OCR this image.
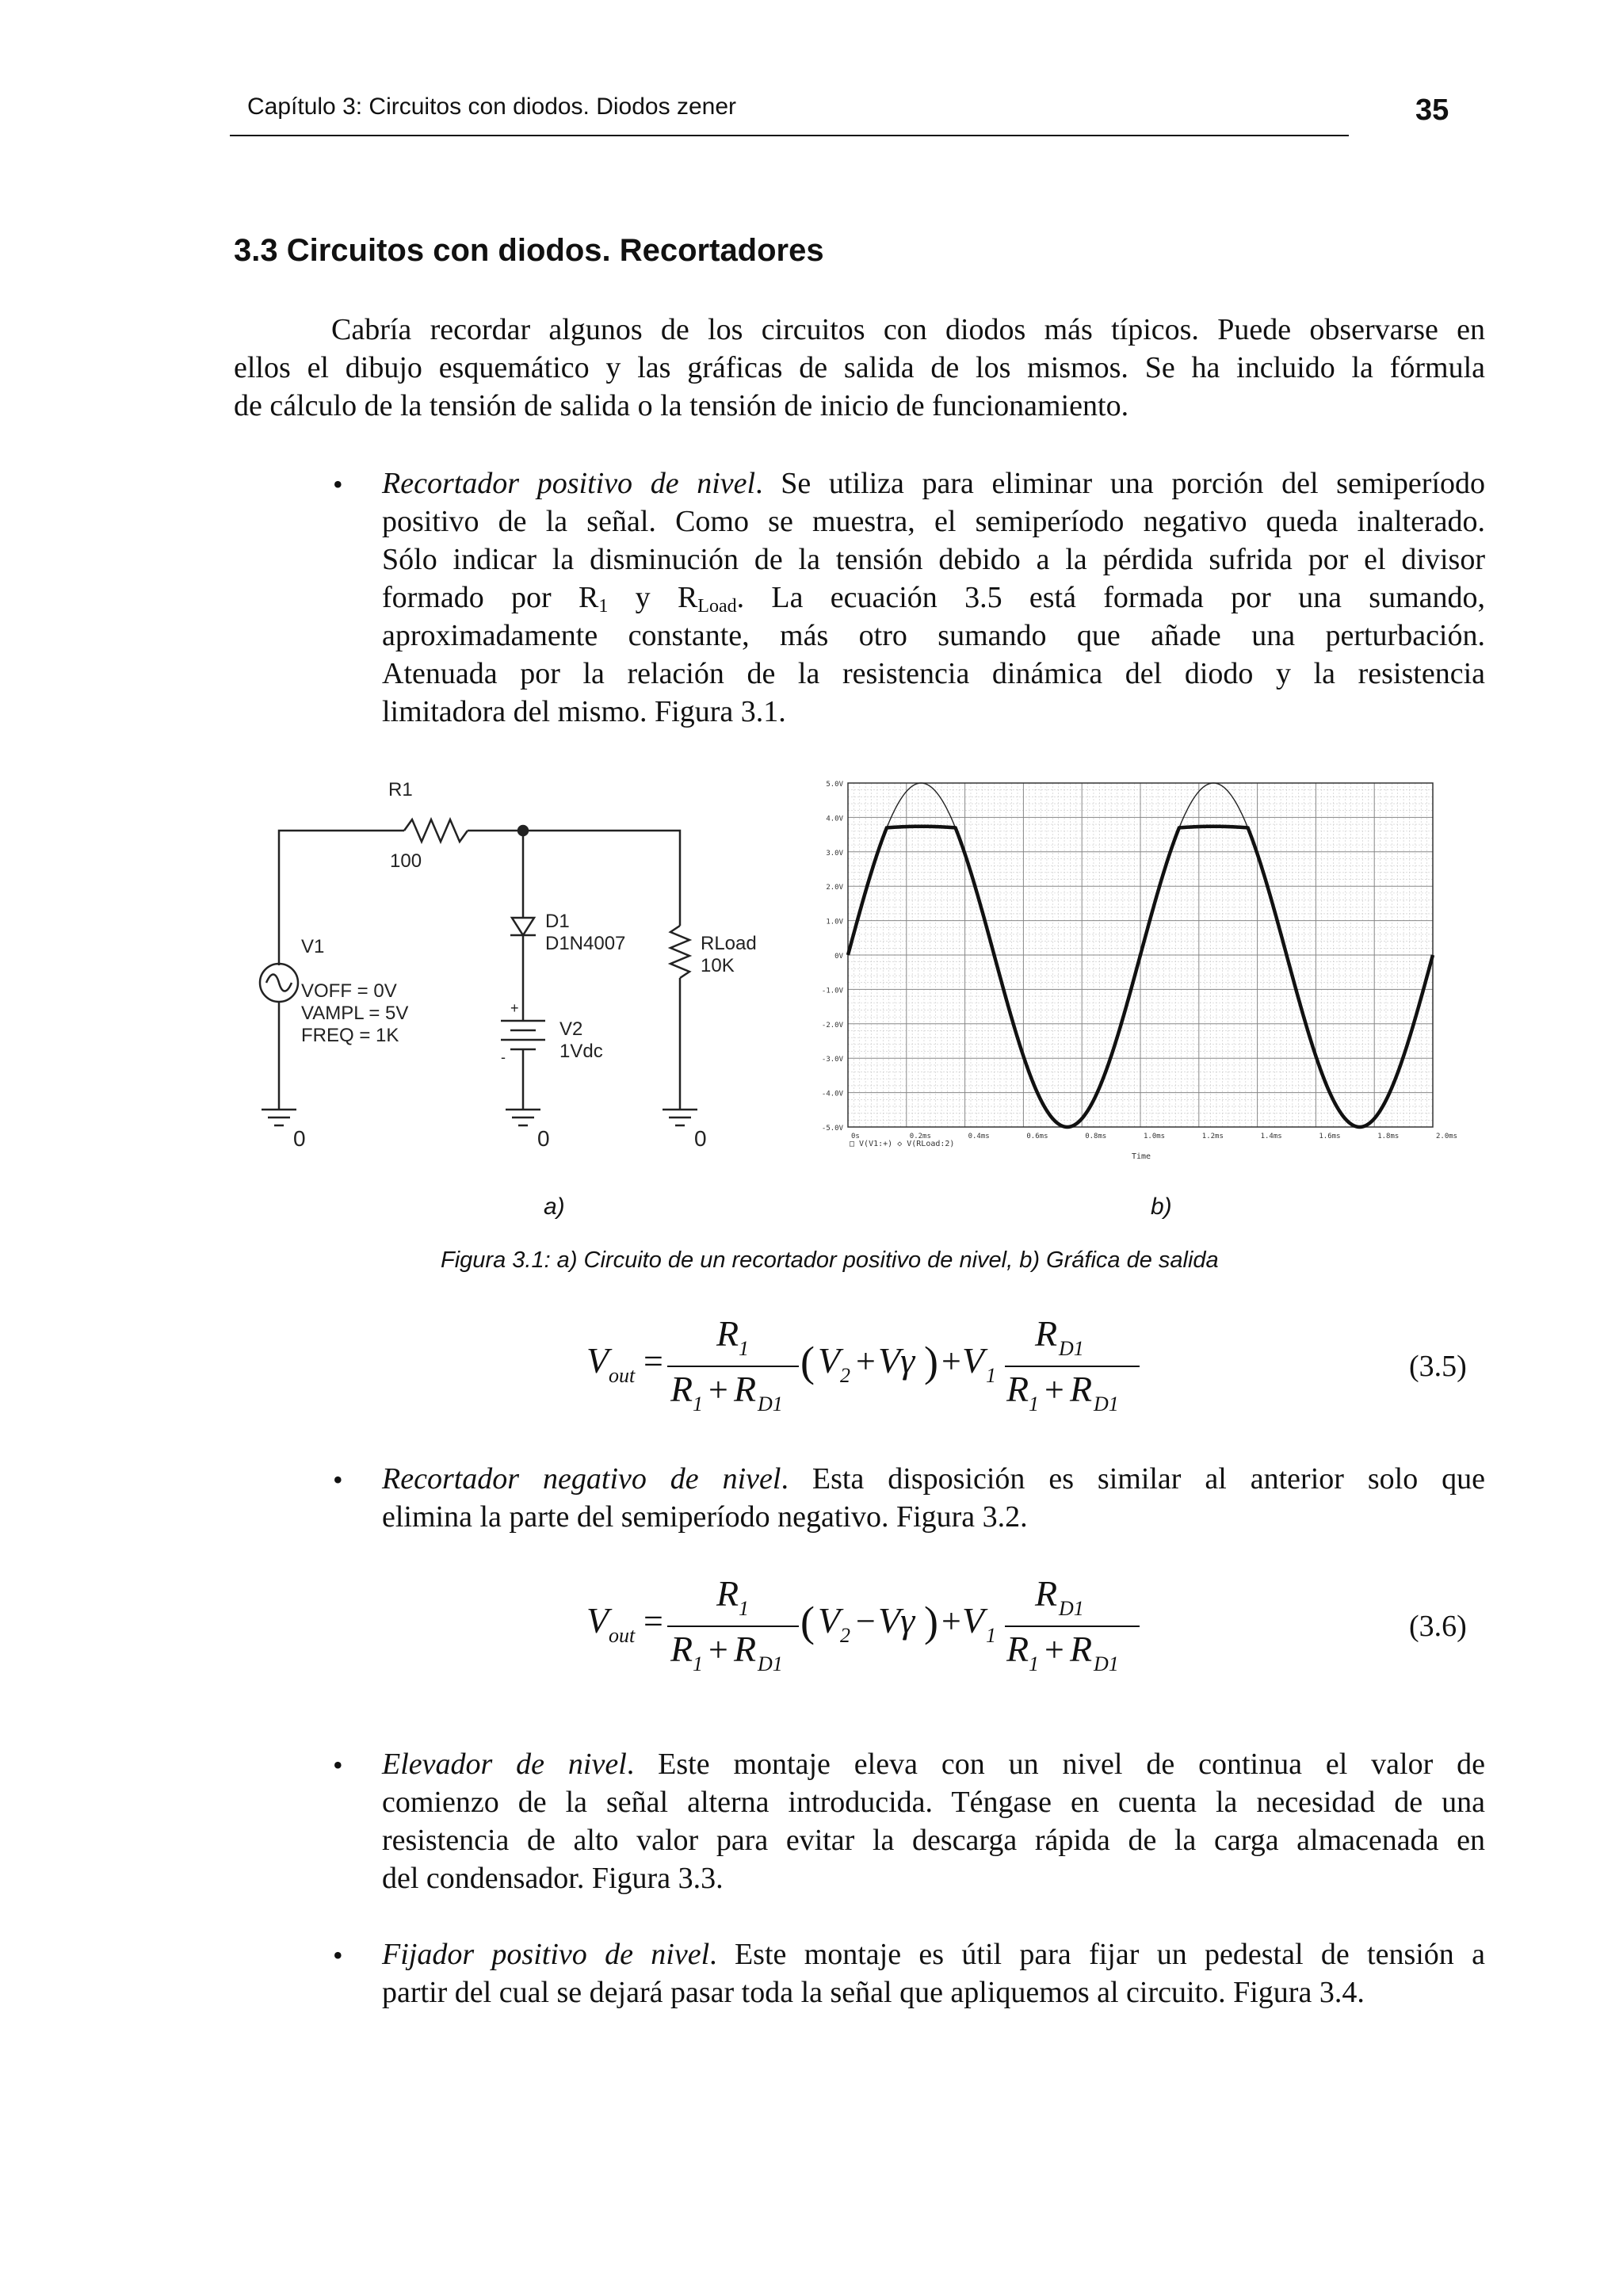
Capítulo 3: Circuitos con diodos. Diodos zener	35
3.3 Circuitos con diodos. Recortadores
Cabría recordar algunos de los circuitos con diodos más típicos. Puede observarse en
ellos el dibujo esquemático y las gráficas de salida de los mismos. Se ha incluido la fórmula
de cálculo de la tensión de salida o la tensión de inicio de funcionamiento.
• Recortador positivo de nivel. Se utiliza para eliminar una porción del semiperíodo
positivo de la señal. Como se muestra, el semiperíodo negativo queda inalterado.
Sólo indicar la disminución de la tensión debido a la pérdida sufrida por el divisor
formado por $R_1$ y $R_{Load}$. La ecuación 3.5 está formada por una sumando,
aproximadamente constante, más otro sumando que añade una perturbación.
Atenuada por la relación de la resistencia dinámica del diodo y la resistencia
limitadora del mismo. Figura 3.1.
R1
100
V1
VOFF = 0V
VAMPL = 5V
FREQ = 1K
D1
D1N4007
V2
1Vdc
+
-
RLoad
10K
0	0	0
5.0V
4.0V
3.0V
2.0V
1.0V
0V
-1.0V
-2.0V
-3.0V
-4.0V
-5.0V
0s	0.2ms	0.4ms	0.6ms	0.8ms	1.0ms	1.2ms	1.4ms	1.6ms	1.8ms	2.0ms
□ V(V1:+) ◇ V(RLoad:2)
Time
a)	b)
Figura 3.1: a) Circuito de un recortador positivo de nivel, b) Gráfica de salida
V out =
R 1
R 1 + R D1
( V 2 + Vγ ) + V 1
R D1
R 1 + R D1
(3.5)
• Recortador negativo de nivel. Esta disposición es similar al anterior solo que
elimina la parte del semiperíodo negativo. Figura 3.2.
V out =
R 1
R 1 + R D1
( V 2 − Vγ ) + V 1
R D1
R 1 + R D1
(3.6)
• Elevador de nivel. Este montaje eleva con un nivel de continua el valor de
comienzo de la señal alterna introducida. Téngase en cuenta la necesidad de una
resistencia de alto valor para evitar la descarga rápida de la carga almacenada en
del condensador. Figura 3.3.
• Fijador positivo de nivel. Este montaje es útil para fijar un pedestal de tensión a
partir del cual se dejará pasar toda la señal que apliquemos al circuito. Figura 3.4.
